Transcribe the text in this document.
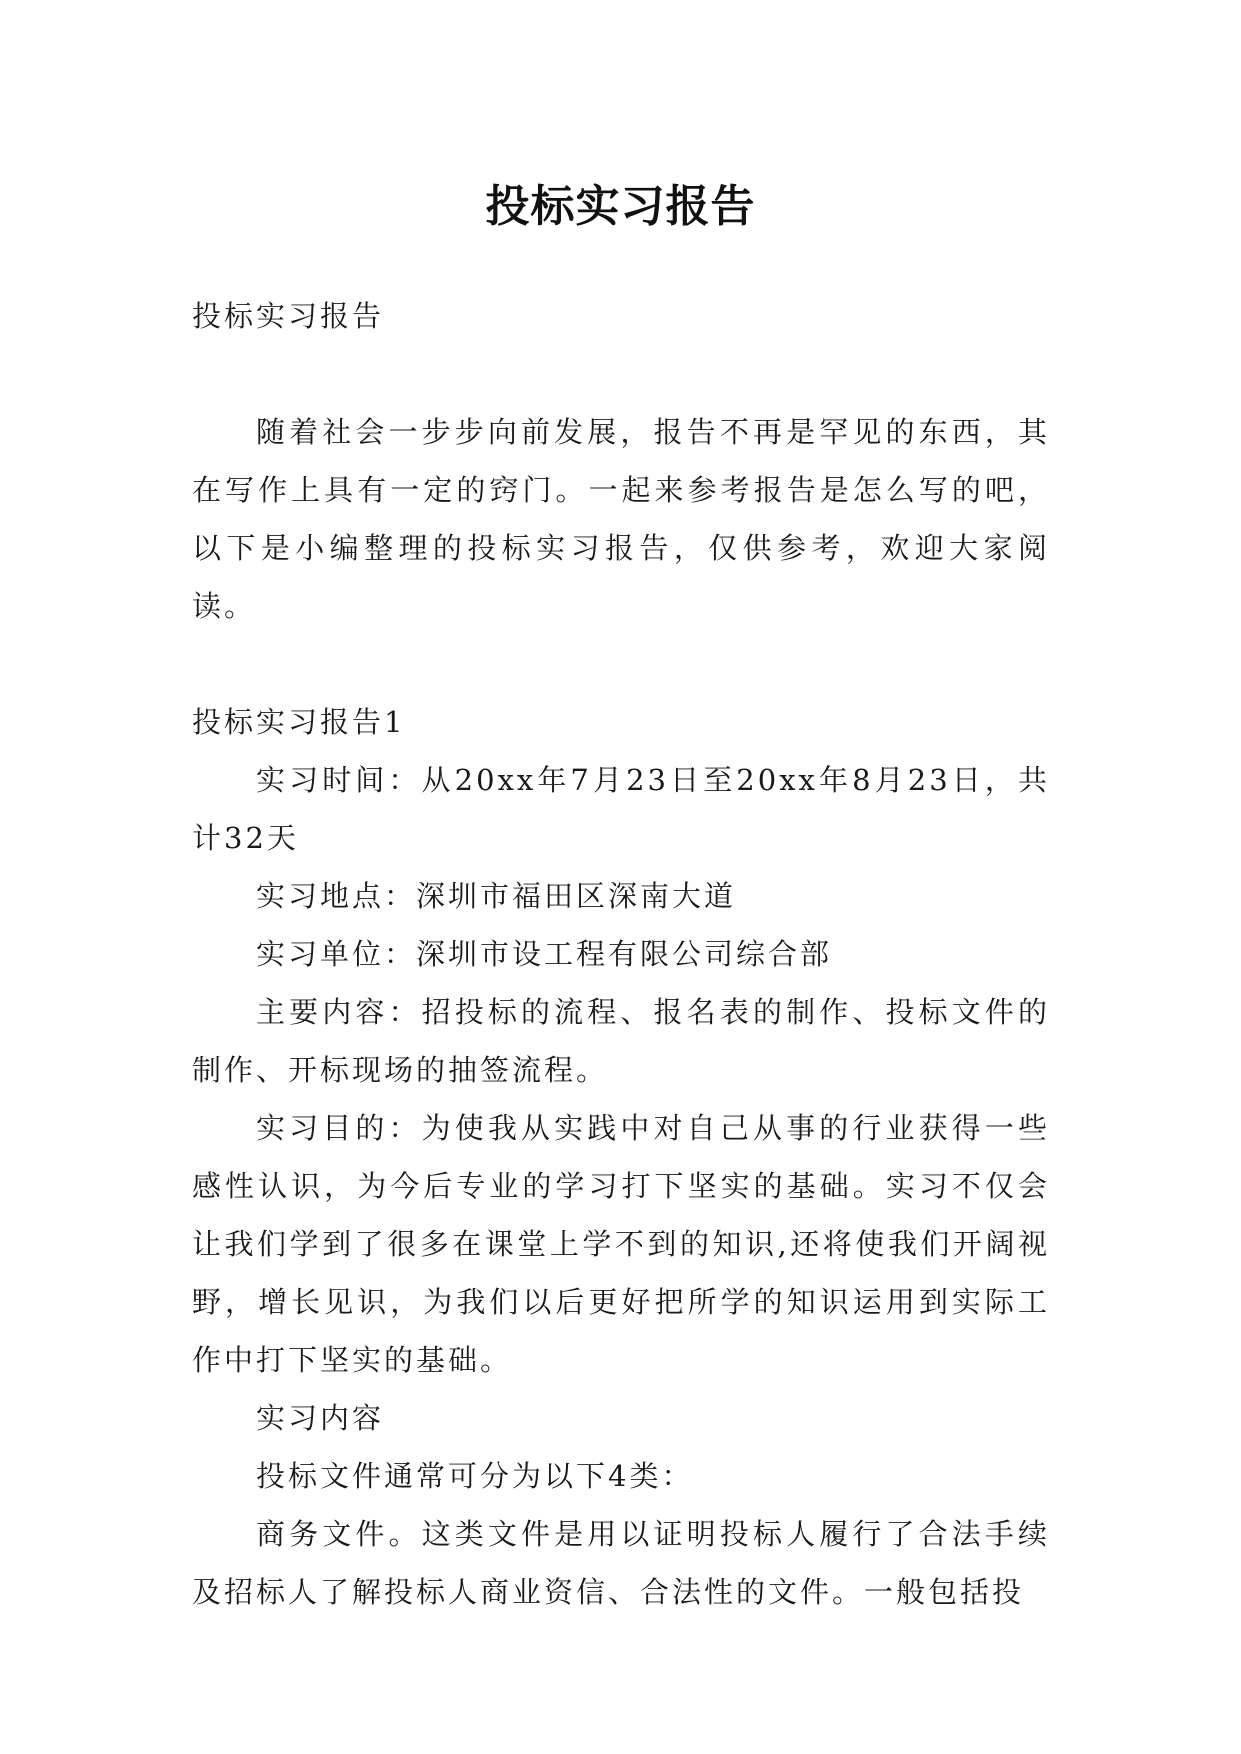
投标实习报告

投标实习报告

随着社会一步步向前发展，报告不再是罕见的东西，其在写作上具有一定的窍门。一起来参考报告是怎么写的吧，以下是小编整理的投标实习报告，仅供参考，欢迎大家阅读。

投标实习报告1

实习时间：从20xx年7月23日至20xx年8月23日，共计32天

实习地点：深圳市福田区深南大道

实习单位：深圳市设工程有限公司综合部

主要内容：招投标的流程、报名表的制作、投标文件的制作、开标现场的抽签流程。

实习目的：为使我从实践中对自己从事的行业获得一些感性认识，为今后专业的学习打下坚实的基础。实习不仅会让我们学到了很多在课堂上学不到的知识,还将使我们开阔视野，增长见识，为我们以后更好把所学的知识运用到实际工作中打下坚实的基础。

实习内容

投标文件通常可分为以下4类：

商务文件。这类文件是用以证明投标人履行了合法手续及招标人了解投标人商业资信、合法性的文件。一般包括投
